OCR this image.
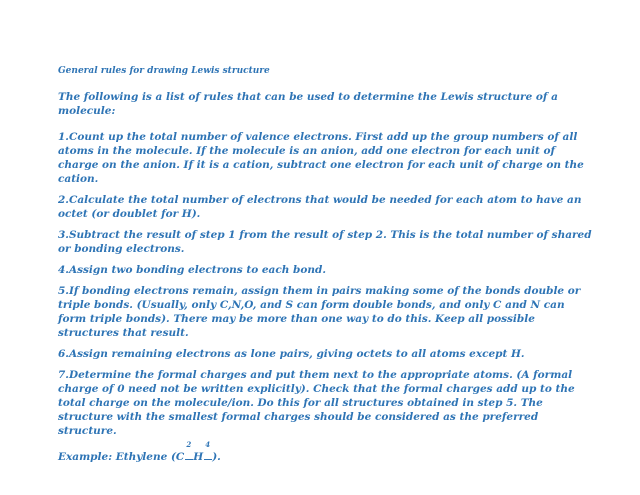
General rules for drawing Lewis structure

The following is a list of rules that can be used to determine the Lewis structure of a molecule:

1.Count up the total number of valence electrons. First add up the group numbers of all atoms in the molecule. If the molecule is an anion, add one electron for each unit of charge on the anion. If it is a cation, subtract one electron for each unit of charge on the cation.

2.Calculate the total number of electrons that would be needed for each atom to have an octet (or doublet for H).

3.Subtract the result of step 1 from the result of step 2. This is the total number of shared or bonding electrons.

4.Assign two bonding electrons to each bond.

5.If bonding electrons remain, assign them in pairs making some of the bonds double or triple bonds. (Usually, only C,N,O, and S can form double bonds, and only C and N can form triple bonds). There may be more than one way to do this. Keep all possible structures that result.

6.Assign remaining electrons as lone pairs, giving octets to all atoms except H.

7.Determine the formal charges and put them next to the appropriate atoms. (A formal charge of 0 need not be written explicitly). Check that the formal charges add up to the total charge on the molecule/ion. Do this for all structures obtained in step 5. The structure with the smallest formal charges should be considered as the preferred structure.

Example: Ethylene (C
2
H
4
).
